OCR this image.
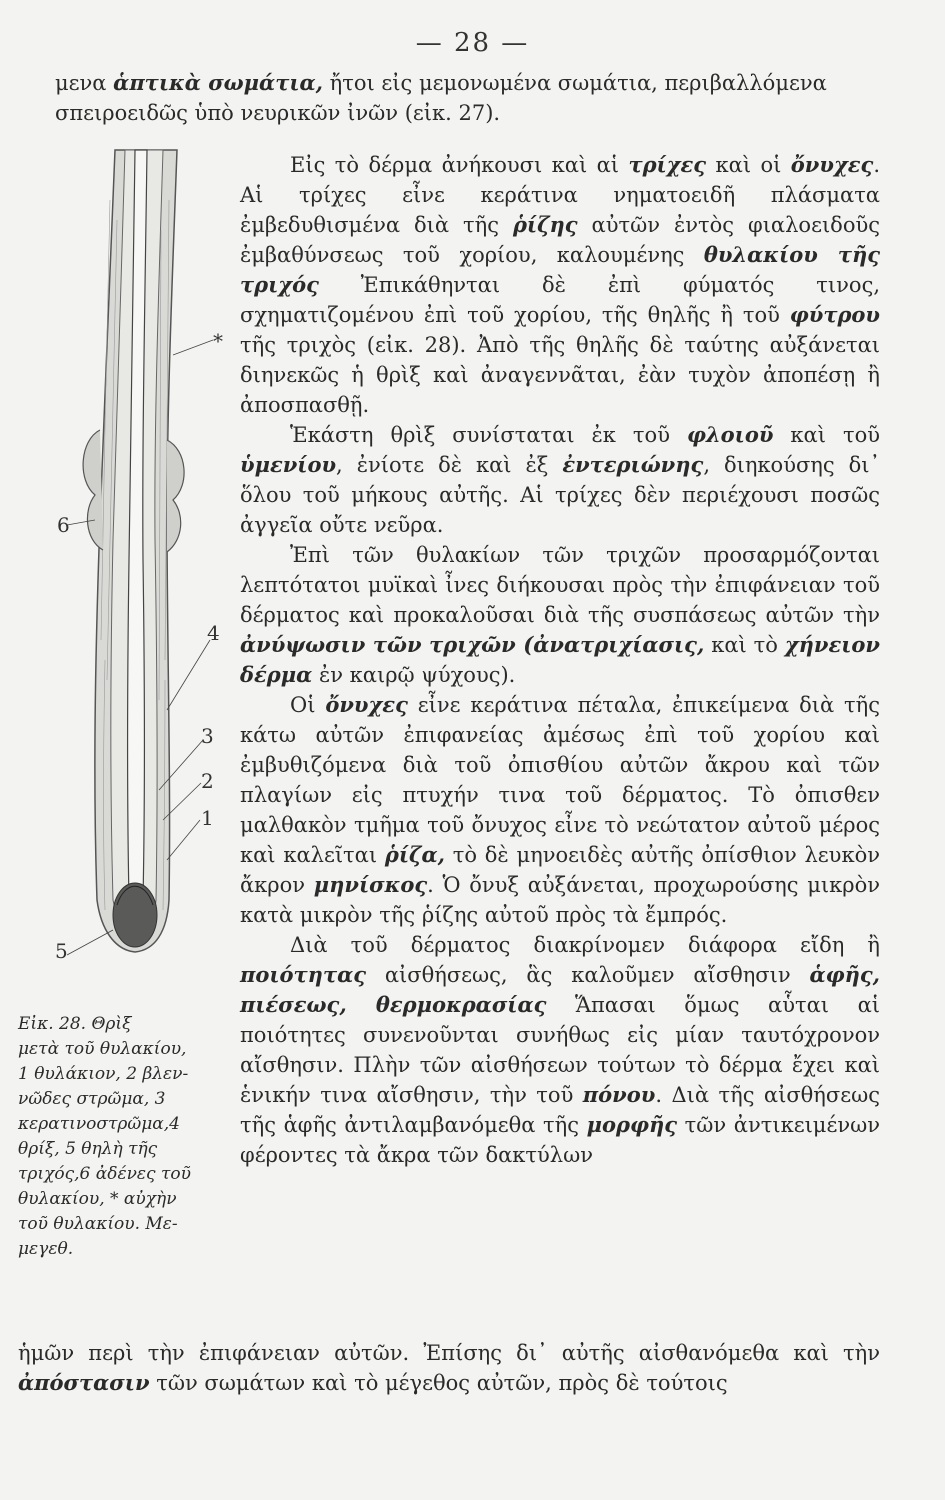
— 28 —

μενα ἁπτικὰ σωμάτια, ἤτοι εἰς μεμονωμένα σωμάτια, περιβαλλόμενα

σπειροειδῶς ὑπὸ νευρικῶν ἰνῶν (εἰκ. 27).

*
6
4
3
2
1
5

Εἰκ. 28. Θρὶξ

μετὰ τοῦ θυλακίου,

1 θυλάκιον, 2 βλεν-

νῶδες στρῶμα, 3

κερατινοστρῶμα,4

θρίξ, 5 θηλὴ τῆς

τριχός,6 ἀδένες τοῦ

θυλακίου, * αὐχὴν

τοῦ θυλακίου. Με-

μεγεθ.

Εἰς τὸ δέρμα ἀνήκουσι καὶ αἱ τρίχες καὶ οἱ ὄνυχες. Αἱ τρίχες εἶνε κεράτινα νηματοειδῆ πλάσματα ἐμβεδυθισμένα διὰ τῆς ῥίζης αὐτῶν ἐντὸς φιαλοειδοῦς ἐμβαθύνσεως τοῦ χορίου, καλουμένης θυλακίου τῆς τριχός Ἐπικάθηνται δὲ ἐπὶ φύματός τινος, σχηματιζομένου ἐπὶ τοῦ χορίου, τῆς θηλῆς ἢ τοῦ φύτρου τῆς τριχὸς (εἰκ. 28). Ἀπὸ τῆς θηλῆς δὲ ταύτης αὐξάνεται διηνεκῶς ἡ θρὶξ καὶ ἀναγεννᾶται, ἐὰν τυχὸν ἀποπέσῃ ἢ ἀποσπασθῇ.

Ἑκάστη θρὶξ συνίσταται ἐκ τοῦ φλοιοῦ καὶ τοῦ ὑμενίου, ἐνίοτε δὲ καὶ ἐξ ἐντεριώνης, διηκούσης δι᾽ ὅλου τοῦ μήκους αὐτῆς. Αἱ τρίχες δὲν περιέχουσι ποσῶς ἀγγεῖα οὔτε νεῦρα.

Ἐπὶ τῶν θυλακίων τῶν τριχῶν προσαρμόζονται λεπτότατοι μυϊκαὶ ἶνες διήκουσαι πρὸς τὴν ἐπιφάνειαν τοῦ δέρματος καὶ προκαλοῦσαι διὰ τῆς συσπάσεως αὐτῶν τὴν ἀνύψωσιν τῶν τριχῶν (ἀνατριχίασις, καὶ τὸ χήνειον δέρμα ἐν καιρῷ ψύχους).

Οἱ ὄνυχες εἶνε κεράτινα πέταλα, ἐπικείμενα διὰ τῆς κάτω αὐτῶν ἐπιφανείας ἀμέσως ἐπὶ τοῦ χορίου καὶ ἐμβυθιζόμενα διὰ τοῦ ὀπισθίου αὐτῶν ἄκρου καὶ τῶν πλαγίων εἰς πτυχήν τινα τοῦ δέρματος. Τὸ ὀπισθεν μαλθακὸν τμῆμα τοῦ ὄνυχος εἶνε τὸ νεώτατον αὐτοῦ μέρος καὶ καλεῖται ῥίζα, τὸ δὲ μηνοειδὲς αὐτῆς ὀπίσθιον λευκὸν ἄκρον μηνίσκος. Ὁ ὄνυξ αὐξάνεται, προχωρούσης μικρὸν κατὰ μικρὸν τῆς ῥίζης αὐτοῦ πρὸς τὰ ἔμπρός.

Διὰ τοῦ δέρματος διακρίνομεν διάφορα εἴδη ἢ ποιότητας αἰσθήσεως, ἃς καλοῦμεν αἴσθησιν ἁφῆς, πιέσεως, θερμοκρασίας Ἅπασαι ὅμως αὗται αἱ ποιότητες συνενοῦνται συνήθως εἰς μίαν ταυτόχρονον αἴσθησιν. Πλὴν τῶν αἰσθήσεων τούτων τὸ δέρμα ἔχει καὶ ἑνικήν τινα αἴσθησιν, τὴν τοῦ πόνου. Διὰ τῆς αἰσθήσεως τῆς ἁφῆς ἀντιλαμβανόμεθα τῆς μορφῆς τῶν ἀντικειμένων φέροντες τὰ ἄκρα τῶν δακτύλων

ἡμῶν περὶ τὴν ἐπιφάνειαν αὐτῶν. Ἐπίσης δι᾽ αὐτῆς αἰσθανόμεθα καὶ τὴν ἀπόστασιν τῶν σωμάτων καὶ τὸ μέγεθος αὐτῶν, πρὸς δὲ τούτοις
